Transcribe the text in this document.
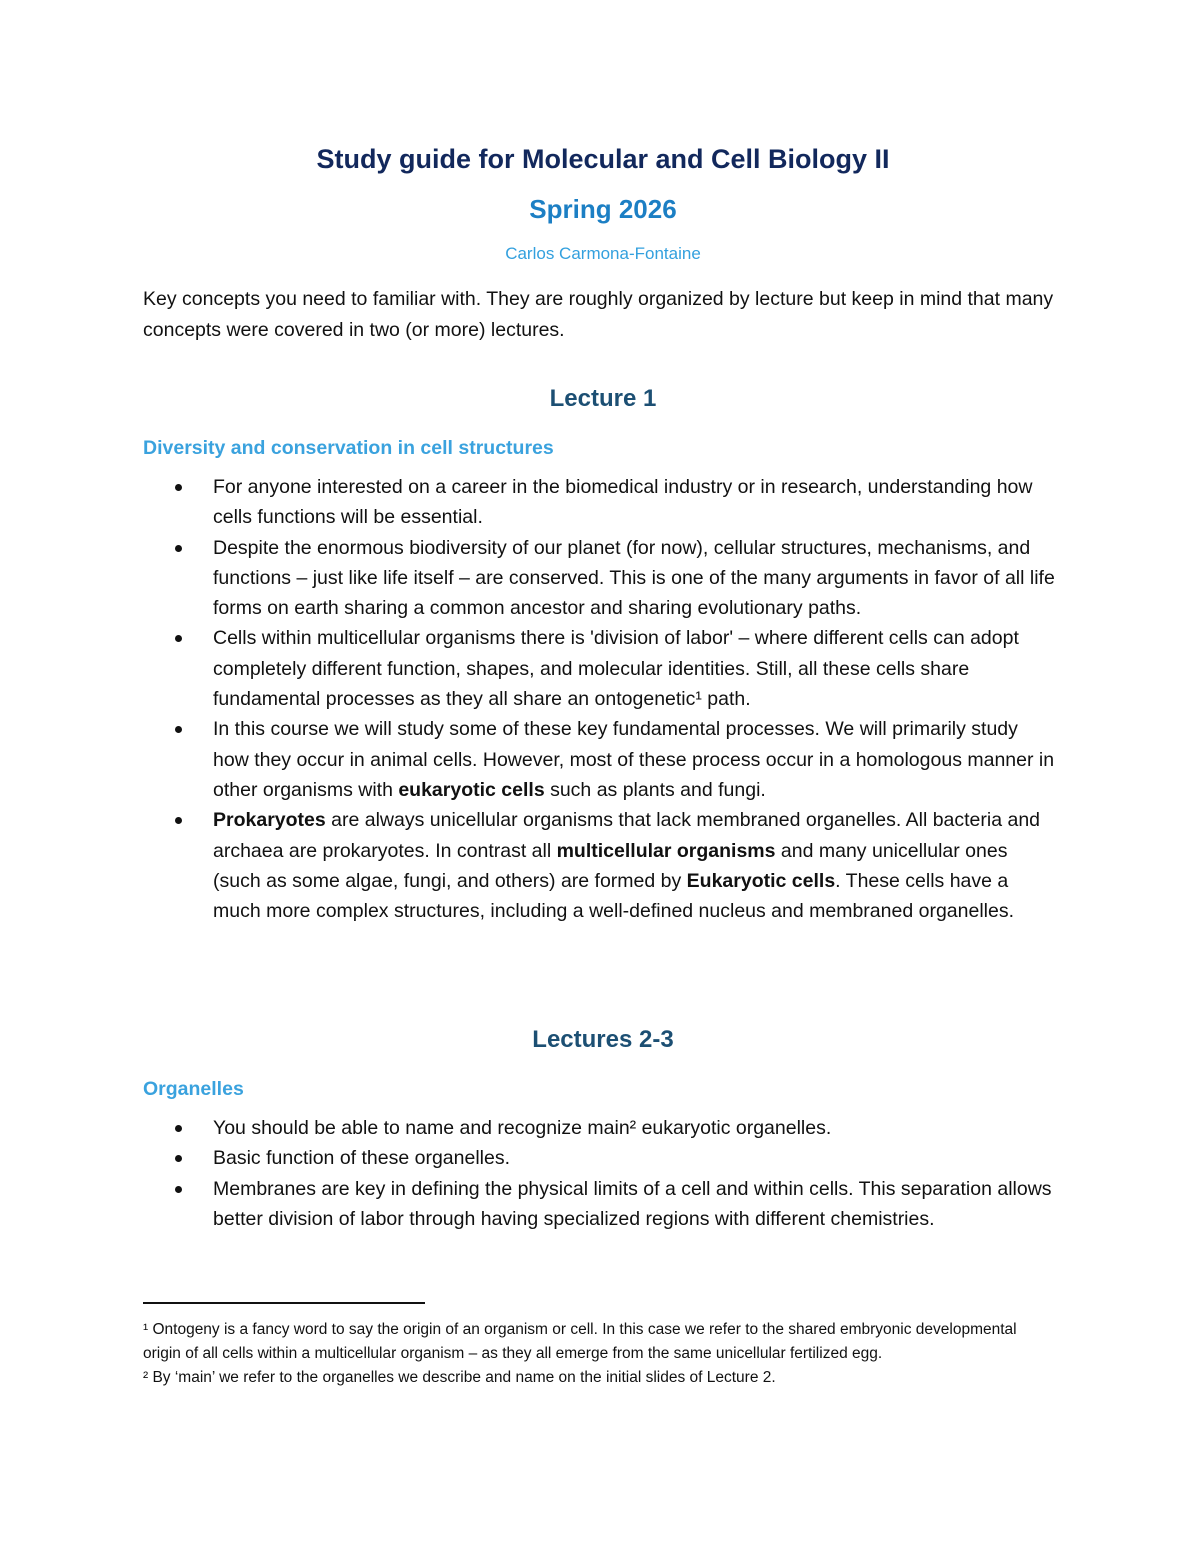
Study guide for Molecular and Cell Biology II
Spring 2026

Carlos Carmona-Fontaine

Key concepts you need to familiar with. They are roughly organized by lecture but keep in mind that many concepts were covered in two (or more) lectures.

Lecture 1
Diversity and conservation in cell structures
For anyone interested on a career in the biomedical industry or in research, understanding how cells functions will be essential.
Despite the enormous biodiversity of our planet (for now), cellular structures, mechanisms, and functions – just like life itself – are conserved. This is one of the many arguments in favor of all life forms on earth sharing a common ancestor and sharing evolutionary paths.
Cells within multicellular organisms there is 'division of labor' – where different cells can adopt completely different function, shapes, and molecular identities. Still, all these cells share fundamental processes as they all share an ontogenetic¹ path.
In this course we will study some of these key fundamental processes. We will primarily study how they occur in animal cells. However, most of these process occur in a homologous manner in other organisms with eukaryotic cells such as plants and fungi.
Prokaryotes are always unicellular organisms that lack membraned organelles. All bacteria and archaea are prokaryotes. In contrast all multicellular organisms and many unicellular ones (such as some algae, fungi, and others) are formed by Eukaryotic cells. These cells have a much more complex structures, including a well-defined nucleus and membraned organelles.
Lectures 2-3
Organelles
You should be able to name and recognize main² eukaryotic organelles.
Basic function of these organelles.
Membranes are key in defining the physical limits of a cell and within cells. This separation allows better division of labor through having specialized regions with different chemistries.

¹ Ontogeny is a fancy word to say the origin of an organism or cell. In this case we refer to the shared embryonic developmental origin of all cells within a multicellular organism – as they all emerge from the same unicellular fertilized egg.

² By ‘main’ we refer to the organelles we describe and name on the initial slides of Lecture 2.
